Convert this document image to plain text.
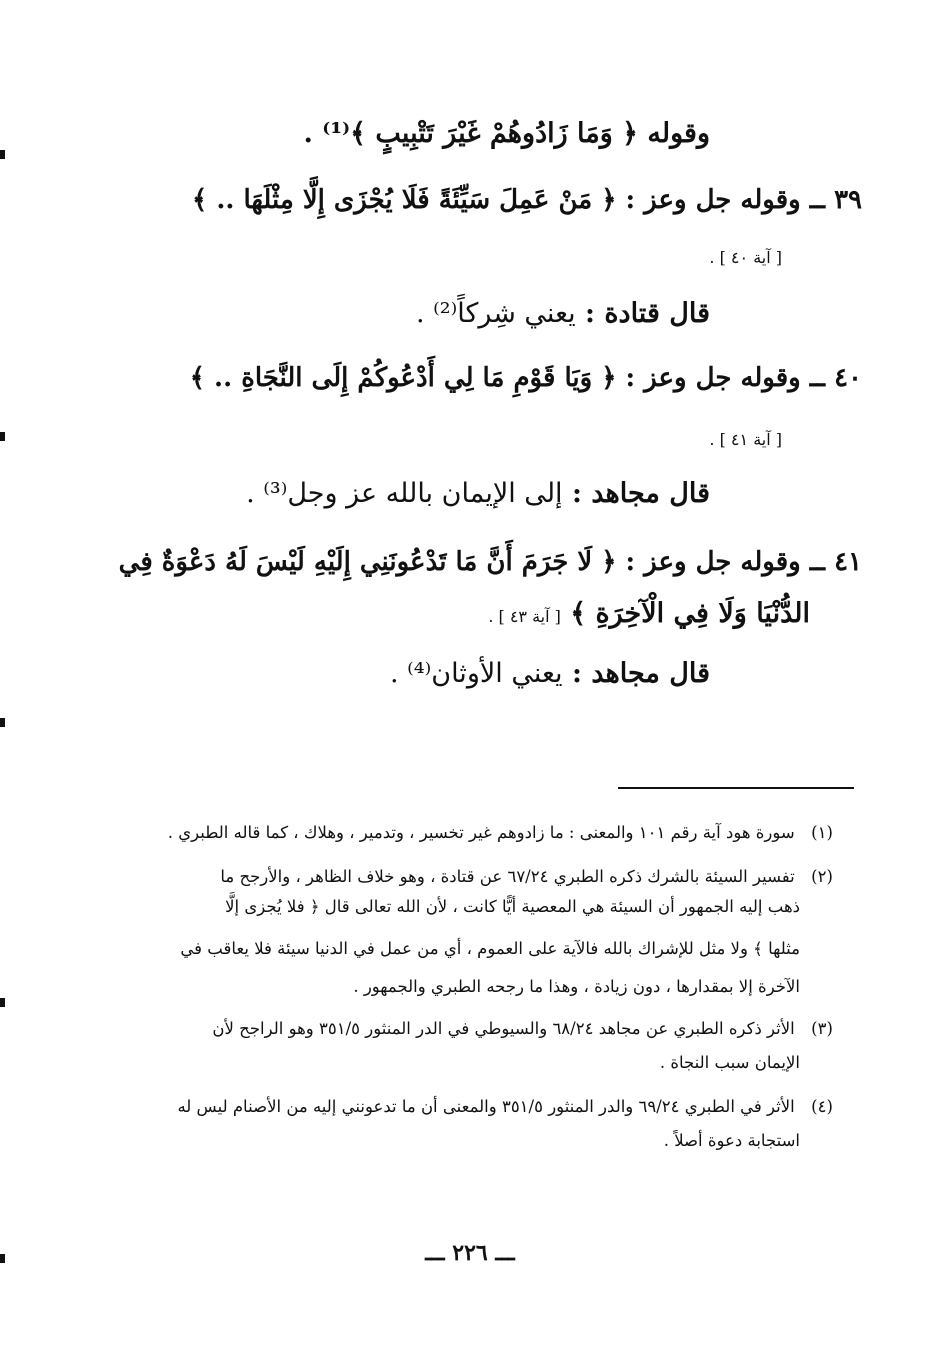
وقوله ﴿ وَمَا زَادُوهُمْ غَيْرَ تَتْبِيبٍ ﴾⁽¹⁾ .
٣٩ ــ وقوله جل وعز : ﴿ مَنْ عَمِلَ سَيِّئَةً فَلَا يُجْزَى إِلَّا مِثْلَهَا .. ﴾
[ آية ٤٠ ] .
قال قتادة : يعني شِركاً⁽²⁾ .
٤٠ ــ وقوله جل وعز : ﴿ وَيَا قَوْمِ مَا لِي أَدْعُوكُمْ إِلَى النَّجَاةِ .. ﴾
[ آية ٤١ ] .
قال مجاهد : إلى الإيمان بالله عز وجل⁽³⁾ .
٤١ ــ وقوله جل وعز : ﴿ لَا جَرَمَ أَنَّ مَا تَدْعُونَنِي إِلَيْهِ لَيْسَ لَهُ دَعْوَةٌ فِي
الدُّنْيَا وَلَا فِي الْآخِرَةِ ﴾ [ آية ٤٣ ] .
قال مجاهد : يعني الأوثان⁽⁴⁾ .
(١) سورة هود آية رقم ١٠١ والمعنى : ما زادوهم غير تخسير ، وتدمير ، وهلاك ، كما قاله الطبري .
(٢) تفسير السيئة بالشرك ذكره الطبري ٦٧/٢٤ عن قتادة ، وهو خلاف الظاهر ، والأرجح ما
ذهب إليه الجمهور أن السيئة هي المعصية أيًّا كانت ، لأن الله تعالى قال ﴿ فلا يُجزى إلَّا
مثلها ﴾ ولا مثل للإشراك بالله فالآية على العموم ، أي من عمل في الدنيا سيئة فلا يعاقب في
الآخرة إلا بمقدارها ، دون زيادة ، وهذا ما رجحه الطبري والجمهور .
(٣) الأثر ذكره الطبري عن مجاهد ٦٨/٢٤ والسيوطي في الدر المنثور ٣٥١/٥ وهو الراجح لأن
الإيمان سبب النجاة .
(٤) الأثر في الطبري ٦٩/٢٤ والدر المنثور ٣٥١/٥ والمعنى أن ما تدعونني إليه من الأصنام ليس له
استجابة دعوة أصلاً .
ـــ ٢٢٦ ـــ
